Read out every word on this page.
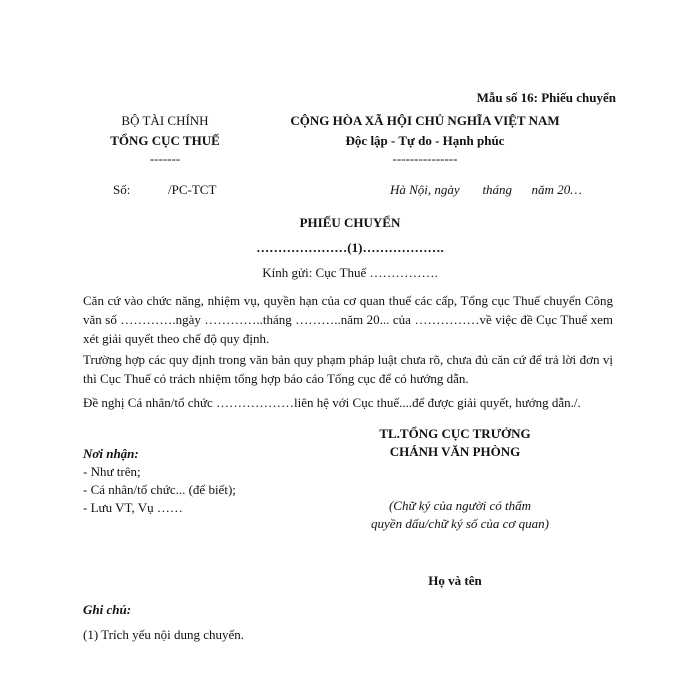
Mẫu số 16: Phiếu chuyển
BỘ TÀI CHÍNH
TỔNG CỤC THUẾ
-------
CỘNG HÒA XÃ HỘI CHỦ NGHĨA VIỆT NAM
Độc lập - Tự do - Hạnh phúc
---------------
Số:	/PC-TCT	Hà Nội, ngày       tháng      năm 20…
PHIẾU CHUYỂN
…………………(1)……………….
Kính gửi: Cục Thuế …………….
Căn cứ vào chức năng, nhiệm vụ, quyền hạn của cơ quan thuế các cấp, Tổng cục Thuế chuyển Công văn số ………….ngày …………..tháng ………..năm 20... của ……………về việc đề Cục Thuế xem xét giải quyết theo chế độ quy định.
Trường hợp các quy định trong văn bản quy phạm pháp luật chưa rõ, chưa đủ căn cứ để trả lời đơn vị thì Cục Thuế có trách nhiệm tổng hợp báo cáo Tổng cục để có hướng dẫn.
Đề nghị Cá nhân/tổ chức ………………liên hệ với Cục thuế....để được giải quyết, hướng dẫn./.
TL.TỔNG CỤC TRƯỞNG
CHÁNH VĂN PHÒNG
Nơi nhận:
- Như trên;
- Cá nhân/tổ chức... (để biết);
- Lưu VT, Vụ ……	(Chữ ký của người có thẩm
quyền dấu/chữ ký số của cơ quan)
Họ và tên
Ghi chú:
(1) Trích yếu nội dung chuyển.
